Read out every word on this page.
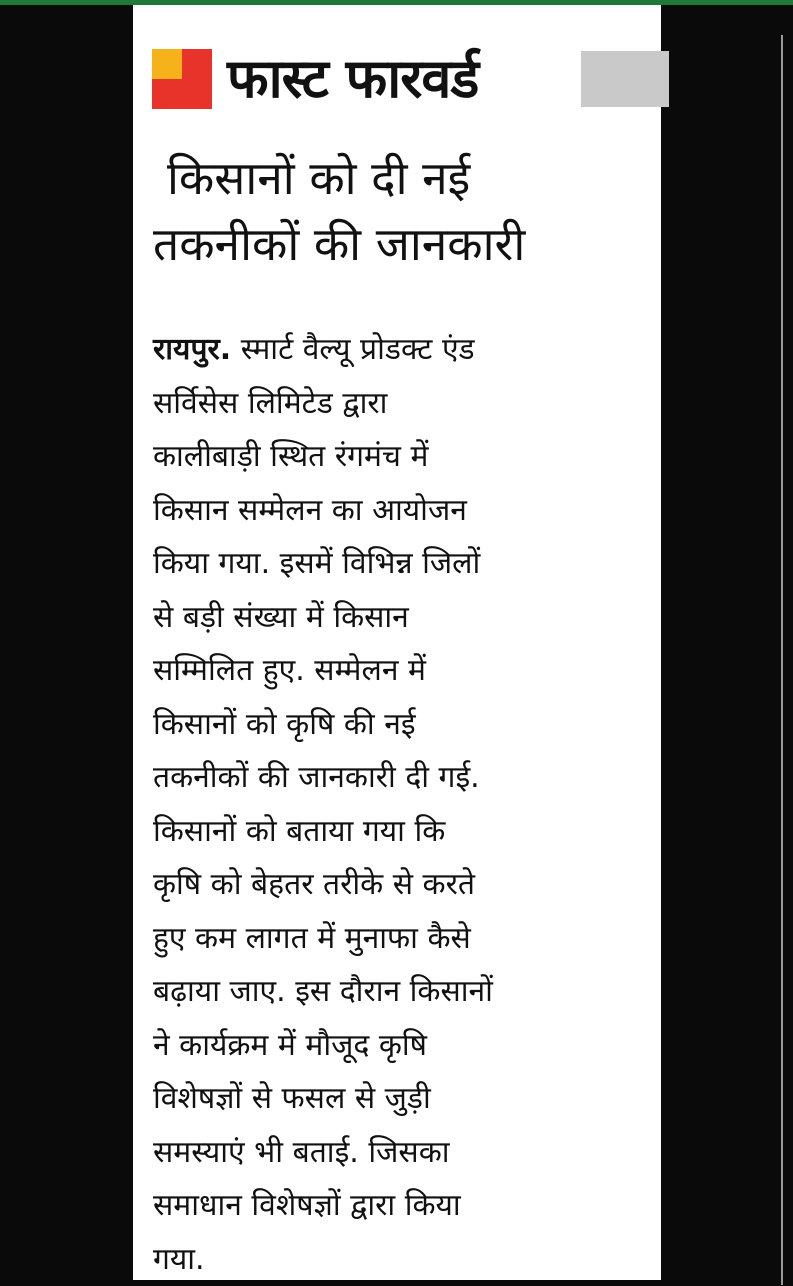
फास्ट फारवर्ड
किसानों को दी नई
तकनीकों की जानकारी
रायपुर. स्मार्ट वैल्यू प्रोडक्ट एंड
सर्विसेस लिमिटेड द्वारा
कालीबाड़ी स्थित रंगमंच में
किसान सम्मेलन का आयोजन
किया गया. इसमें विभिन्न जिलों
से बड़ी संख्या में किसान
सम्मिलित हुए. सम्मेलन में
किसानों को कृषि की नई
तकनीकों की जानकारी दी गई.
किसानों को बताया गया कि
कृषि को बेहतर तरीके से करते
हुए कम लागत में मुनाफा कैसे
बढ़ाया जाए. इस दौरान किसानों
ने कार्यक्रम में मौजूद कृषि
विशेषज्ञों से फसल से जुड़ी
समस्याएं भी बताई. जिसका
समाधान विशेषज्ञों द्वारा किया
गया.
